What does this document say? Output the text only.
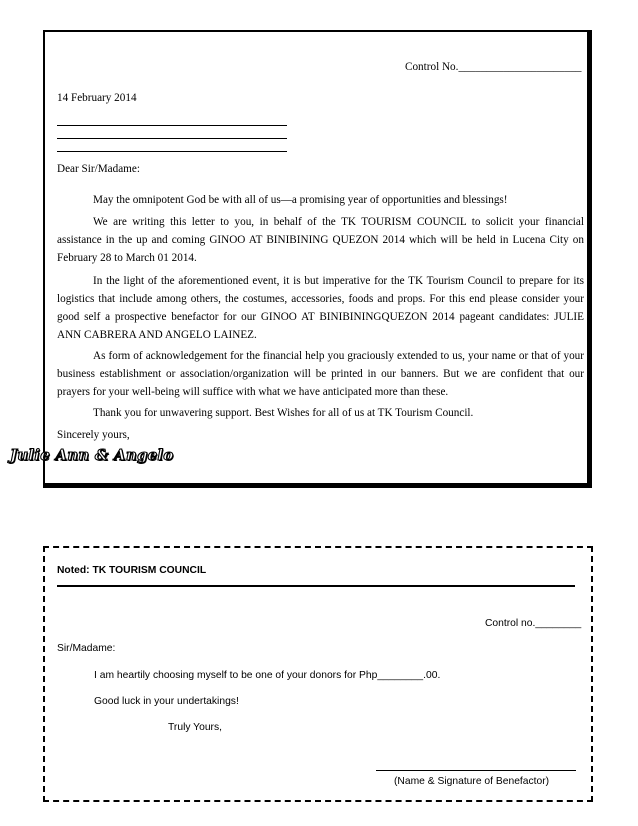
Control No.______________________
14 February 2014
Dear Sir/Madame:

May the omnipotent God be with all of us—a promising year of opportunities and blessings!

We are writing this letter to you, in behalf of the TK TOURISM COUNCIL to solicit your financial assistance in the up and coming GINOO AT BINIBINING QUEZON 2014 which will be held in Lucena City on February 28 to March 01 2014.

In the light of the aforementioned event, it is but imperative for the TK Tourism Council to prepare for its logistics that include among others, the costumes, accessories, foods and props. For this end please consider your good self a prospective benefactor for our GINOO AT BINIBININGQUEZON 2014 pageant candidates: JULIE ANN CABRERA AND ANGELO LAINEZ.

As form of acknowledgement for the financial help you graciously extended to us, your name or that of your business establishment or association/organization will be printed in our banners. But we are confident that our prayers for your well-being will suffice with what we have anticipated more than these.

Thank you for unwavering support. Best Wishes for all of us at TK Tourism Council.

Sincerely yours,
Julie Ann & Angelo
Noted: TK TOURISM COUNCIL
Control no.________
Sir/Madame:
I am heartily choosing myself to be one of your donors for Php________.00.
Good luck in your undertakings!
Truly Yours,
(Name & Signature of Benefactor)
